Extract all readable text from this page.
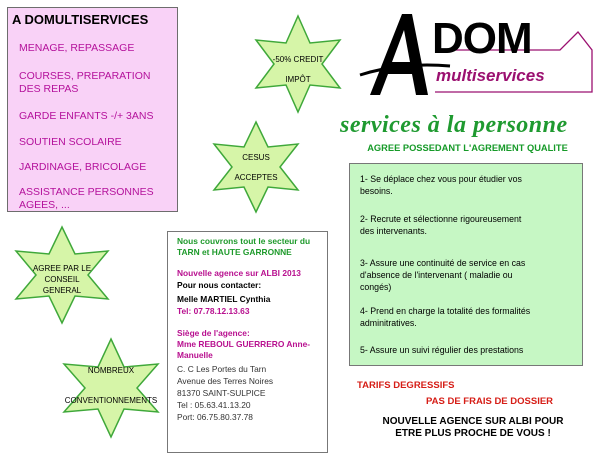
A DOMULTISERVICES
MENAGE, REPASSAGE
COURSES, PREPARATION
DES REPAS
GARDE ENFANTS -/+ 3ANS
SOUTIEN SCOLAIRE
JARDINAGE, BRICOLAGE
ASSISTANCE PERSONNES
AGEES, ...
-50% CREDIT
IMPÔT
CESUS
ACCEPTES
AGREE PAR LE
CONSEIL
GENERAL
NOMBREUX
CONVENTIONNEMENTS
DOM
multiservices
services à la personne
AGREE POSSEDANT L'AGREMENT QUALITE
Nous couvrons tout le secteur du
TARN et HAUTE GARRONNE
Nouvelle agence sur ALBI 2013
Pour nous contacter:
Melle MARTIEL Cynthia
Tel: 07.78.12.13.63
Siège de l'agence:
Mme REBOUL GUERRERO Anne-
Manuelle
C. C Les Portes du Tarn
Avenue des Terres Noires
81370 SAINT-SULPICE
Tel : 05.63.41.13.20
Port: 06.75.80.37.78
1- Se déplace chez vous pour étudier vos
besoins.
2- Recrute et sélectionne rigoureusement
des intervenants.
3- Assure une continuité de service en cas
d'absence de l'intervenant ( maladie ou
congés)
4- Prend en charge la totalité des formalités
adminitratives.
5- Assure un suivi régulier des prestations
TARIFS DEGRESSIFS
PAS DE FRAIS DE DOSSIER
NOUVELLE AGENCE SUR ALBI POUR
ETRE PLUS PROCHE DE VOUS !
